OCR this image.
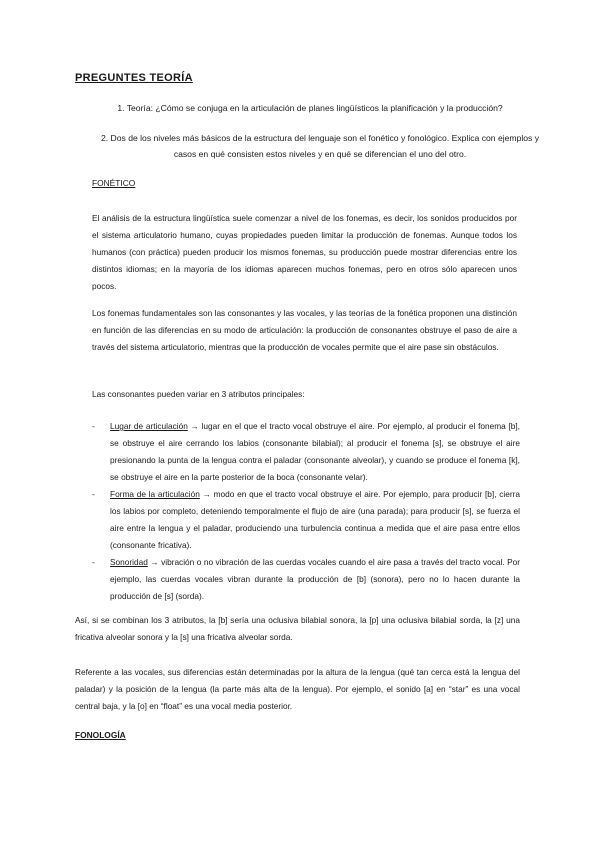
PREGUNTES TEORÍA
1. Teoría: ¿Cómo se conjuga en la articulación de planes lingüísticos la planificación y la producción?
2. Dos de los niveles más básicos de la estructura del lenguaje son el fonético y fonológico. Explica con ejemplos y casos en qué consisten estos niveles y en qué se diferencian el uno del otro.
FONÉTICO
El análisis de la estructura lingüística suele comenzar a nivel de los fonemas, es decir, los sonidos producidos por el sistema articulatorio humano, cuyas propiedades pueden limitar la producción de fonemas. Aunque todos los humanos (con práctica) pueden producir los mismos fonemas, su producción puede mostrar diferencias entre los distintos idiomas; en la mayoría de los idiomas aparecen muchos fonemas, pero en otros sólo aparecen unos pocos.
Los fonemas fundamentales son las consonantes y las vocales, y las teorías de la fonética proponen una distinción en función de las diferencias en su modo de articulación: la producción de consonantes obstruye el paso de aire a través del sistema articulatorio, mientras que la producción de vocales permite que el aire pase sin obstáculos.
Las consonantes pueden variar en 3 atributos principales:
- Lugar de articulación → lugar en el que el tracto vocal obstruye el aire. Por ejemplo, al producir el fonema [b], se obstruye el aire cerrando los labios (consonante bilabial); al producir el fonema [s], se obstruye el aire presionando la punta de la lengua contra el paladar (consonante alveolar), y cuando se produce el fonema [k], se obstruye el aire en la parte posterior de la boca (consonante velar).
- Forma de la articulación → modo en que el tracto vocal obstruye el aire. Por ejemplo, para producir [b], cierra los labios por completo, deteniendo temporalmente el flujo de aire (una parada); para producir [s], se fuerza el aire entre la lengua y el paladar, produciendo una turbulencia continua a medida que el aire pasa entre ellos (consonante fricativa).
- Sonoridad → vibración o no vibración de las cuerdas vocales cuando el aire pasa a través del tracto vocal. Por ejemplo, las cuerdas vocales vibran durante la producción de [b] (sonora), pero no lo hacen durante la producción de [s] (sorda).
Así, si se combinan los 3 atributos, la [b] sería una oclusiva bilabial sonora, la [p] una oclusiva bilabial sorda, la [z] una fricativa alveolar sonora y la [s] una fricativa alveolar sorda.
Referente a las vocales, sus diferencias están determinadas por la altura de la lengua (qué tan cerca está la lengua del paladar) y la posición de la lengua (la parte más alta de la lengua). Por ejemplo, el sonido [a] en “star” es una vocal central baja, y la [o] en “float” es una vocal media posterior.
FONOLOGÍA
